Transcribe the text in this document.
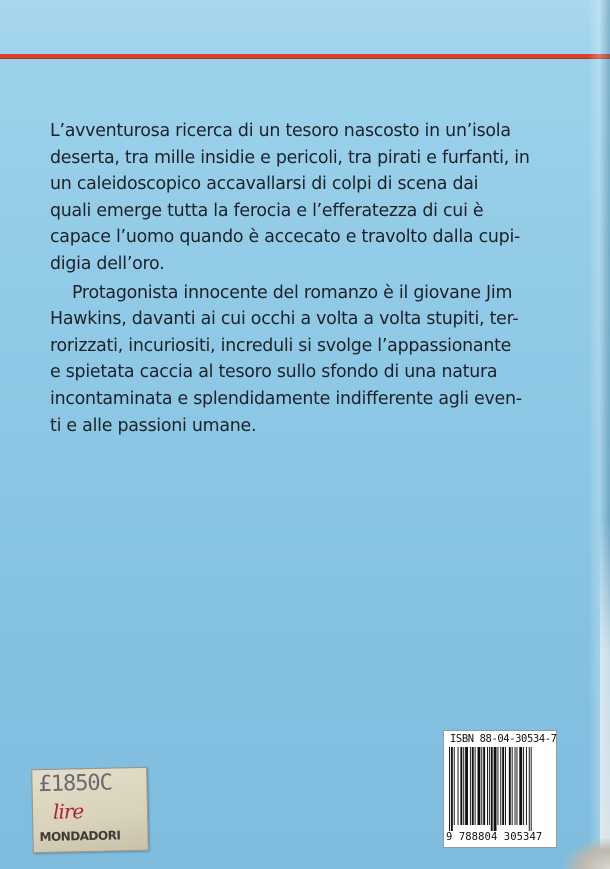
L’avventurosa ricerca di un tesoro nascosto in un’isola
deserta, tra mille insidie e pericoli, tra pirati e furfanti, in
un caleidoscopico accavallarsi di colpi di scena dai
quali emerge tutta la ferocia e l’efferatezza di cui è
capace l’uomo quando è accecato e travolto dalla cupi-
digia dell’oro.

Protagonista innocente del romanzo è il giovane Jim
Hawkins, davanti ai cui occhi a volta a volta stupiti, ter-
rorizzati, incuriositi, increduli si svolge l’appassionante
e spietata caccia al tesoro sullo sfondo di una natura
incontaminata e splendidamente indifferente agli even-
ti e alle passioni umane.

£1850C
lire
MONDADORI
ISBN 88-04-30534-7
9 788804 305347
